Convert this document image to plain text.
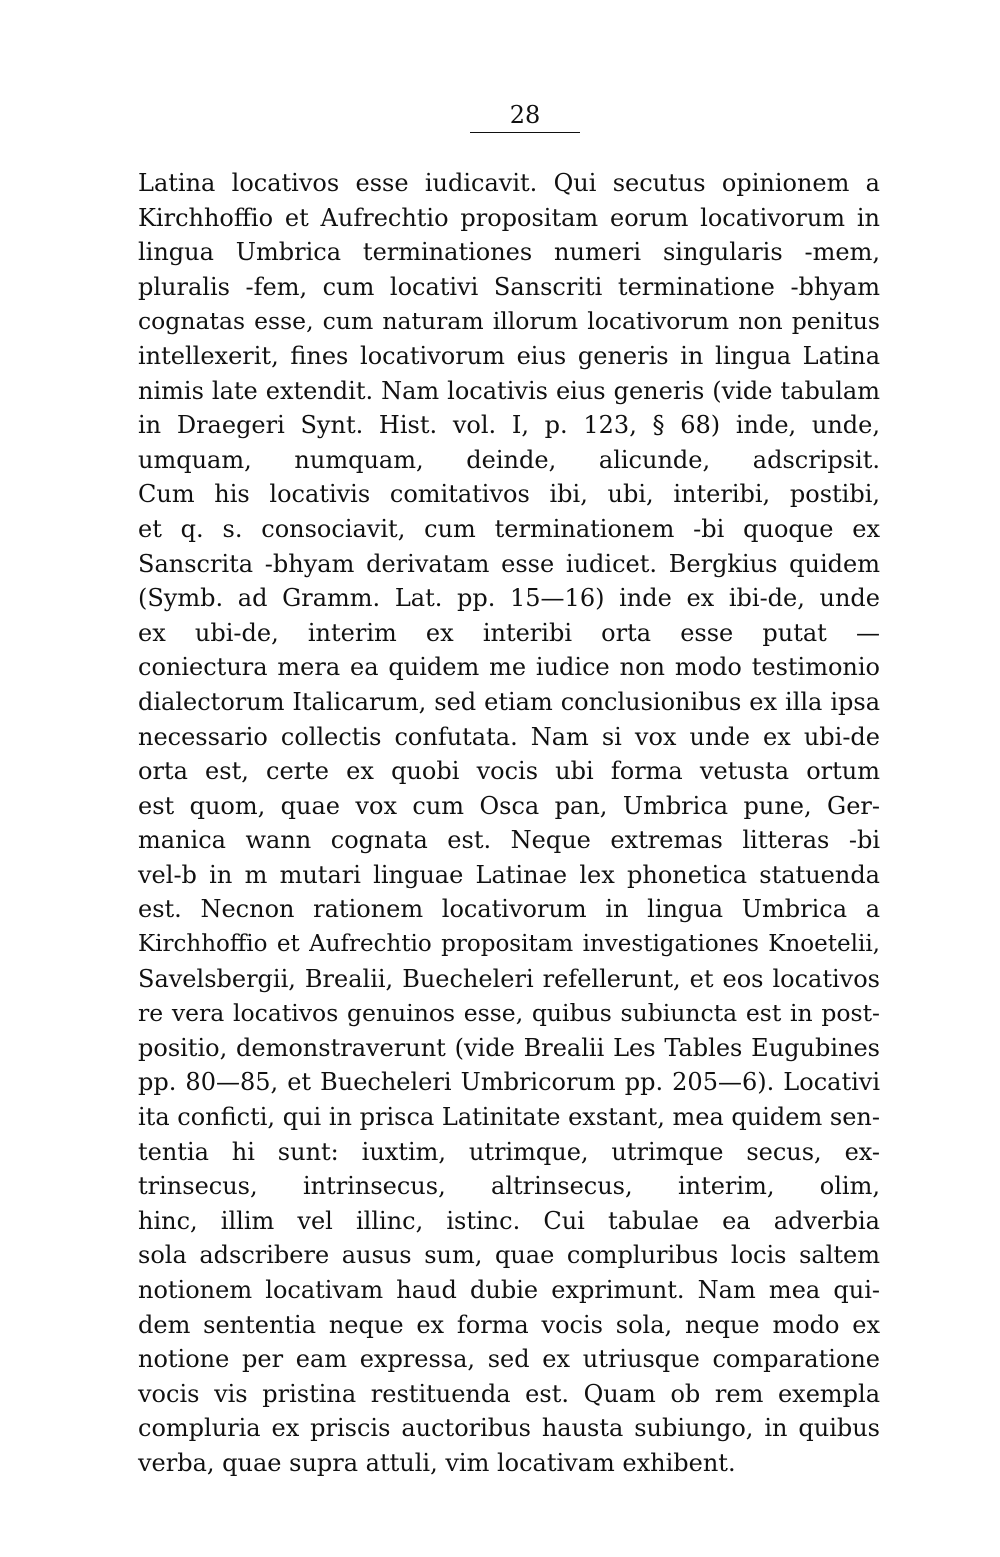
28
Latina locativos esse iudicavit. Qui secutus opinionem a
Kirchhoffio et Aufrechtio propositam eorum locativorum in
lingua Umbrica terminationes numeri singularis -mem,
pluralis -fem, cum locativi Sanscriti terminatione -bhyam
cognatas esse, cum naturam illorum locativorum non penitus
intellexerit, fines locativorum eius generis in lingua Latina
nimis late extendit. Nam locativis eius generis (vide tabulam
in Draegeri Synt. Hist. vol. I, p. 123, § 68) inde, unde,
umquam, numquam, deinde, alicunde, adscripsit.
Cum his locativis comitativos ibi, ubi, interibi, postibi,
et q. s. consociavit, cum terminationem -bi quoque ex
Sanscrita -bhyam derivatam esse iudicet. Bergkius quidem
(Symb. ad Gramm. Lat. pp. 15—16) inde ex ibi-de, unde
ex ubi-de, interim ex interibi orta esse putat —
coniectura mera ea quidem me iudice non modo testimonio
dialectorum Italicarum, sed etiam conclusionibus ex illa ipsa
necessario collectis confutata. Nam si vox unde ex ubi-de
orta est, certe ex quobi vocis ubi forma vetusta ortum
est quom, quae vox cum Osca pan, Umbrica pune, Ger-
manica wann cognata est. Neque extremas litteras -bi
vel-b in m mutari linguae Latinae lex phonetica statuenda
est. Necnon rationem locativorum in lingua Umbrica a
Kirchhoffio et Aufrechtio propositam investigationes Knoetelii,
Savelsbergii, Brealii, Buecheleri refellerunt, et eos locativos
re vera locativos genuinos esse, quibus subiuncta est in post-
positio, demonstraverunt (vide Brealii Les Tables Eugubines
pp. 80—85, et Buecheleri Umbricorum pp. 205—6). Locativi
ita conficti, qui in prisca Latinitate exstant, mea quidem sen-
tentia hi sunt: iuxtim, utrimque, utrimque secus, ex-
trinsecus, intrinsecus, altrinsecus, interim, olim,
hinc, illim vel illinc, istinc. Cui tabulae ea adverbia
sola adscribere ausus sum, quae compluribus locis saltem
notionem locativam haud dubie exprimunt. Nam mea qui-
dem sententia neque ex forma vocis sola, neque modo ex
notione per eam expressa, sed ex utriusque comparatione
vocis vis pristina restituenda est. Quam ob rem exempla
compluria ex priscis auctoribus hausta subiungo, in quibus
verba, quae supra attuli, vim locativam exhibent.
